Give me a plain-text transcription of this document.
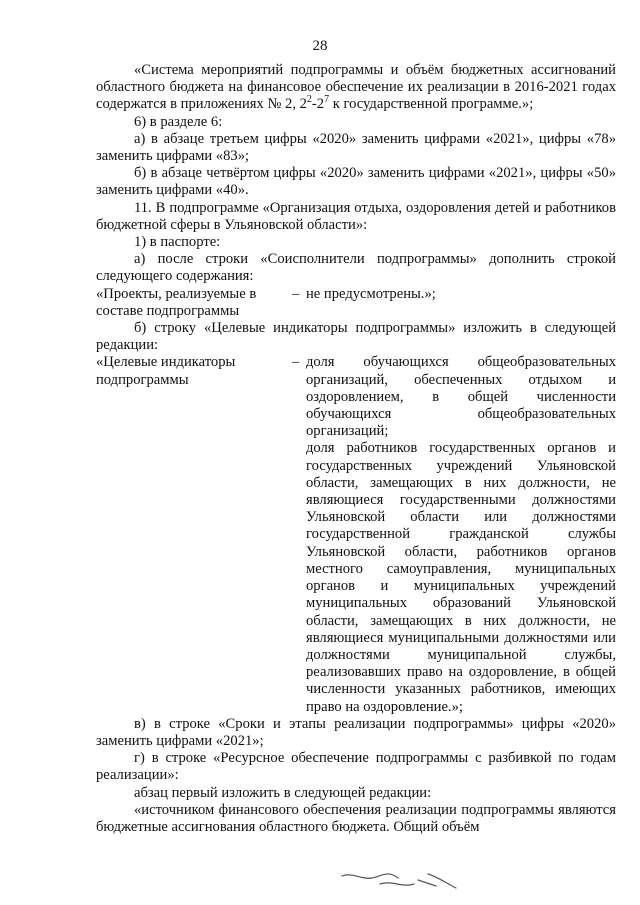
28

«Система мероприятий подпрограммы и объём бюджетных ассигнований областного бюджета на финансовое обеспечение их реализации в 2016-2021 годах содержатся в приложениях № 2, $2^2-2^7$ к государственной программе.»;

6) в разделе 6:

а) в абзаце третьем цифры «2020» заменить цифрами «2021», цифры «78» заменить цифрами «83»;

б) в абзаце четвёртом цифры «2020» заменить цифрами «2021», цифры «50» заменить цифрами «40».

11. В подпрограмме «Организация отдыха, оздоровления детей и работников бюджетной сферы в Ульяновской области»:

1) в паспорте:

а) после строки «Соисполнители подпрограммы» дополнить строкой следующего содержания:

«Проекты, реализуемые в составе подпрограммы
– не предусмотрены.»;

б) строку «Целевые индикаторы подпрограммы» изложить в следующей редакции:

«Целевые индикаторы подпрограммы
– доля обучающихся общеобразовательных организаций, обеспеченных отдыхом и оздоровлением, в общей численности обучающихся общеобразовательных организаций;
доля работников государственных органов и государственных учреждений Ульяновской области, замещающих в них должности, не являющиеся государственными должностями Ульяновской области или должностями государственной гражданской службы Ульяновской области, работников органов местного самоуправления, муниципальных органов и муниципальных учреждений муниципальных образований Ульяновской области, замещающих в них должности, не являющиеся муниципальными должностями или должностями муниципальной службы, реализовавших право на оздоровление, в общей численности указанных работников, имеющих право на оздоровление.»;

в) в строке «Сроки и этапы реализации подпрограммы» цифры «2020» заменить цифрами «2021»;

г) в строке «Ресурсное обеспечение подпрограммы с разбивкой по годам реализации»:

абзац первый изложить в следующей редакции:

«источником финансового обеспечения реализации подпрограммы являются бюджетные ассигнования областного бюджета. Общий объём
